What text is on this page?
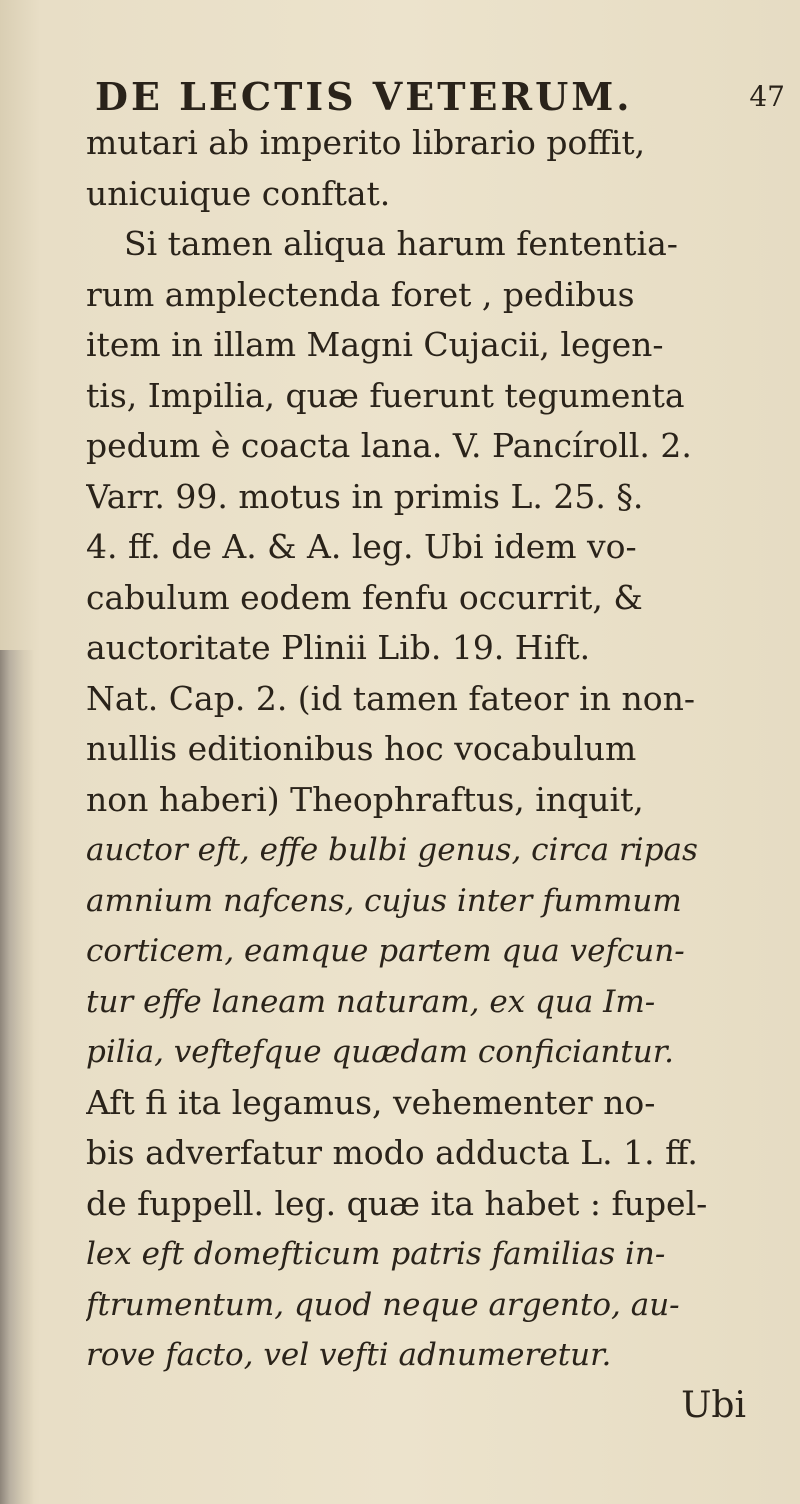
DE LECTIS VETERUM.	47
mutari ab imperito librario poffit,
unicuique conftat.
Si tamen aliqua harum fententia-
rum amplectenda foret , pedibus
item in illam Magni Cujacii, legen-
tis, Impilia, quæ fuerunt tegumenta
pedum è coacta lana. V. Pancíroll. 2.
Varr. 99. motus in primis L. 25. §.
4. ff. de A. & A. leg. Ubi idem vo-
cabulum eodem fenfu occurrit, &
auctoritate Plinii Lib. 19. Hift.
Nat. Cap. 2. (id tamen fateor in non-
nullis editionibus hoc vocabulum
non haberi) Theophraftus, inquit,
auctor eft, effe bulbi genus, circa ripas
amnium nafcens, cujus inter fummum
corticem, eamque partem qua vefcun-
tur effe laneam naturam, ex qua Im-
pilia, veftefque quædam conficiantur.
Aft fi ita legamus, vehementer no-
bis adverfatur modo adducta L. 1. ff.
de fuppell. leg. quæ ita habet : fupel-
lex eft domefticum patris familias in-
ftrumentum, quod neque argento, au-
rove facto, vel vefti adnumeretur.
Ubi
